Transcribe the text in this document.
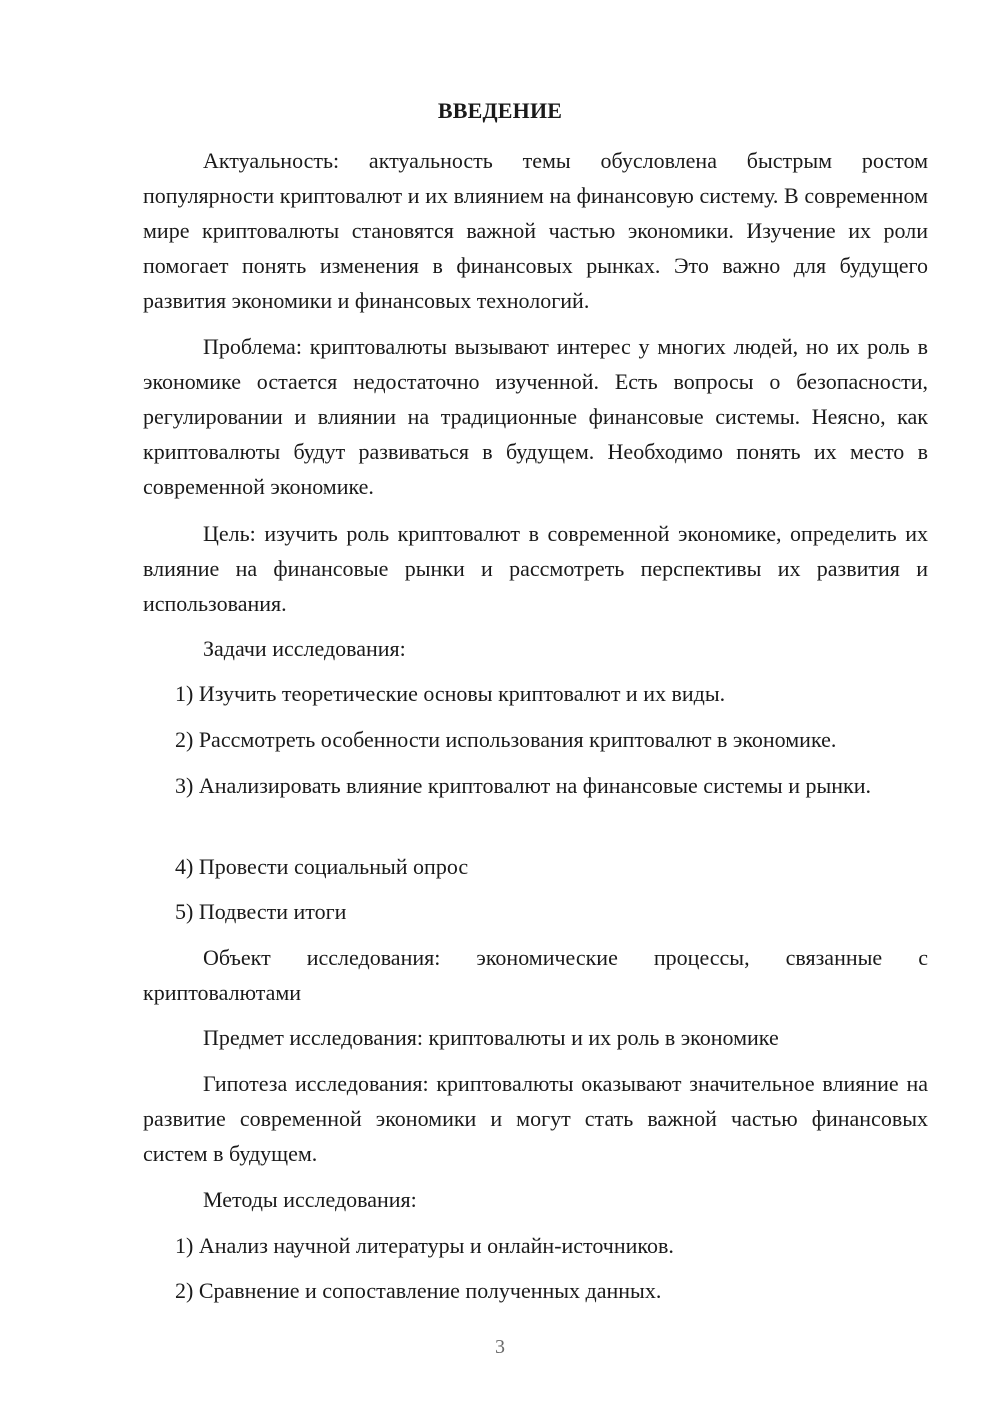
ВВЕДЕНИЕ

Актуальность: актуальность темы обусловлена быстрым ростом популярности криптовалют и их влиянием на финансовую систему. В современном мире криптовалюты становятся важной частью экономики. Изучение их роли помогает понять изменения в финансовых рынках. Это важно для будущего развития экономики и финансовых технологий.

Проблема: криптовалюты вызывают интерес у многих людей, но их роль в экономике остается недостаточно изученной. Есть вопросы о безопасности, регулировании и влиянии на традиционные финансовые системы. Неясно, как криптовалюты будут развиваться в будущем. Необходимо понять их место в современной экономике.

Цель: изучить роль криптовалют в современной экономике, определить их влияние на финансовые рынки и рассмотреть перспективы их развития и использования.

Задачи исследования:

1) Изучить теоретические основы криптовалют и их виды.

2) Рассмотреть особенности использования криптовалют в экономике.

3) Анализировать влияние криптовалют на финансовые системы и рынки.

4) Провести социальный опрос

5) Подвести итоги

Объект исследования: экономические процессы, связанные с криптовалютами

Предмет исследования: криптовалюты и их роль в экономике

Гипотеза исследования: криптовалюты оказывают значительное влияние на развитие современной экономики и могут стать важной частью финансовых систем в будущем.

Методы исследования:

1) Анализ научной литературы и онлайн-источников.

2) Сравнение и сопоставление полученных данных.

3
